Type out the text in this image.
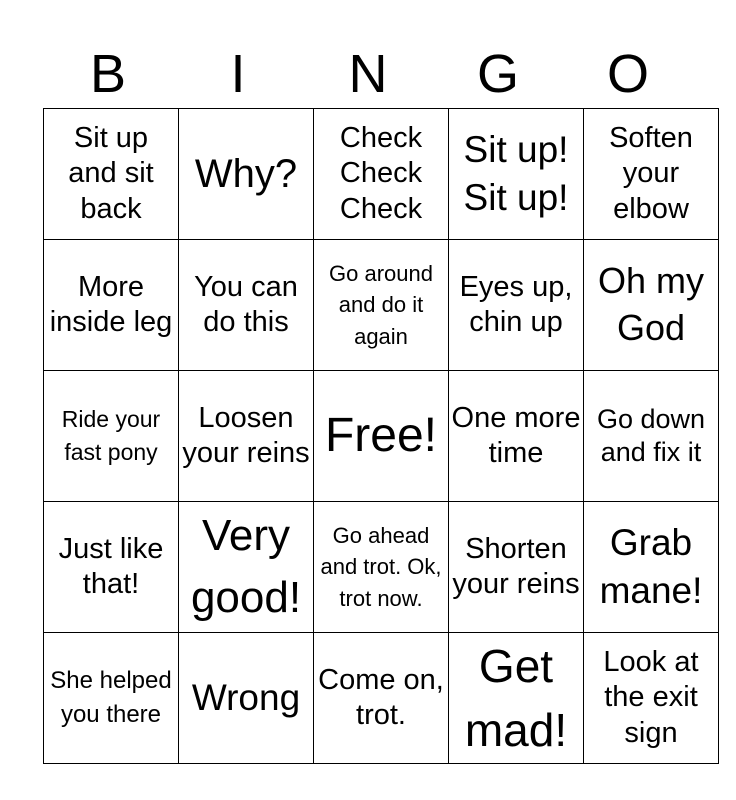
B	I	N	G	O
Sit up and sit back	Why?	Check Check Check	Sit up! Sit up!	Soften your elbow
More inside leg	You can do this	Go around and do it again	Eyes up, chin up	Oh my God
Ride your fast pony	Loosen your reins	Free!	One more time	Go down and fix it
Just like that!	Very good!	Go ahead and trot. Ok, trot now.	Shorten your reins	Grab mane!
She helped you there	Wrong	Come on, trot.	Get mad!	Look at the exit sign
